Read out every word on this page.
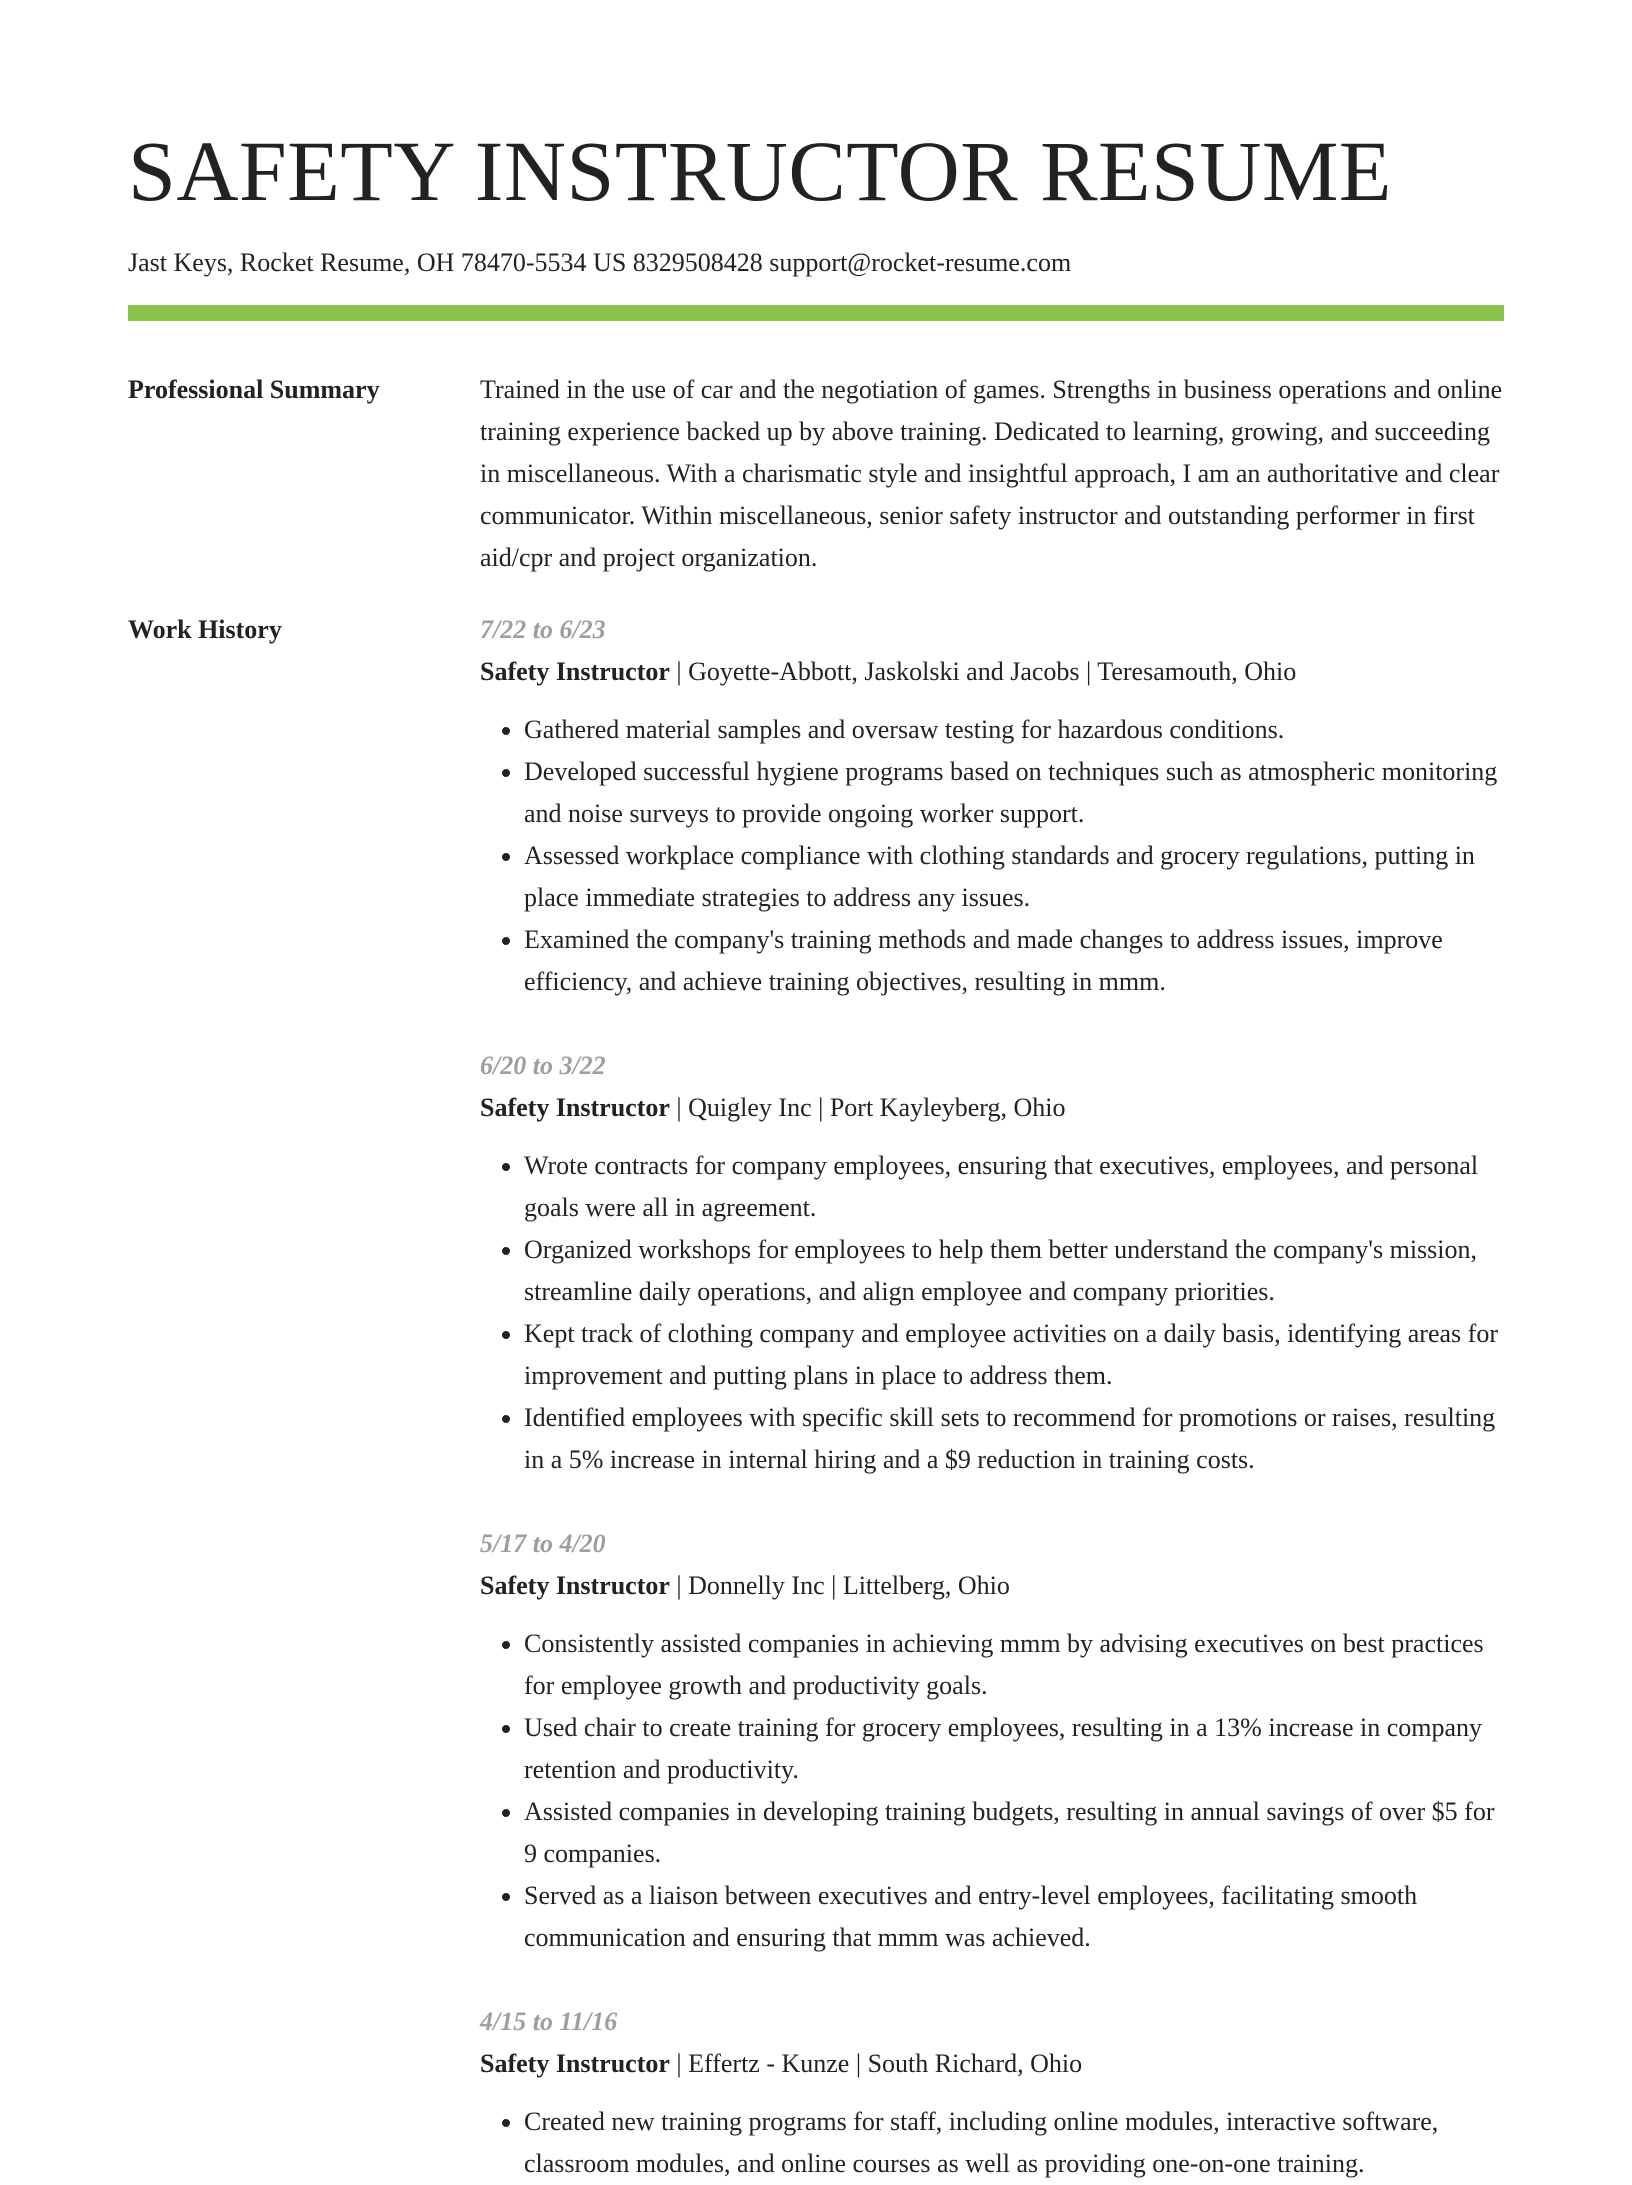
SAFETY INSTRUCTOR RESUME
Jast Keys, Rocket Resume, OH 78470-5534 US 8329508428 support@rocket-resume.com
Professional Summary	Trained in the use of car and the negotiation of games. Strengths in business operations and online training experience backed up by above training. Dedicated to learning, growing, and succeeding in miscellaneous. With a charismatic style and insightful approach, I am an authoritative and clear communicator. Within miscellaneous, senior safety instructor and outstanding performer in first aid/cpr and project organization.

Work History	7/22 to 6/23
Safety Instructor | Goyette-Abbott, Jaskolski and Jacobs | Teresamouth, Ohio
• Gathered material samples and oversaw testing for hazardous conditions.
• Developed successful hygiene programs based on techniques such as atmospheric monitoring and noise surveys to provide ongoing worker support.
• Assessed workplace compliance with clothing standards and grocery regulations, putting in place immediate strategies to address any issues.
• Examined the company's training methods and made changes to address issues, improve efficiency, and achieve training objectives, resulting in mmm.
6/20 to 3/22
Safety Instructor | Quigley Inc | Port Kayleyberg, Ohio
• Wrote contracts for company employees, ensuring that executives, employees, and personal goals were all in agreement.
• Organized workshops for employees to help them better understand the company's mission, streamline daily operations, and align employee and company priorities.
• Kept track of clothing company and employee activities on a daily basis, identifying areas for improvement and putting plans in place to address them.
• Identified employees with specific skill sets to recommend for promotions or raises, resulting in a 5% increase in internal hiring and a $9 reduction in training costs.
5/17 to 4/20
Safety Instructor | Donnelly Inc | Littelberg, Ohio
• Consistently assisted companies in achieving mmm by advising executives on best practices for employee growth and productivity goals.
• Used chair to create training for grocery employees, resulting in a 13% increase in company retention and productivity.
• Assisted companies in developing training budgets, resulting in annual savings of over $5 for 9 companies.
• Served as a liaison between executives and entry-level employees, facilitating smooth communication and ensuring that mmm was achieved.
4/15 to 11/16
Safety Instructor | Effertz - Kunze | South Richard, Ohio
• Created new training programs for staff, including online modules, interactive software, classroom modules, and online courses as well as providing one-on-one training.
